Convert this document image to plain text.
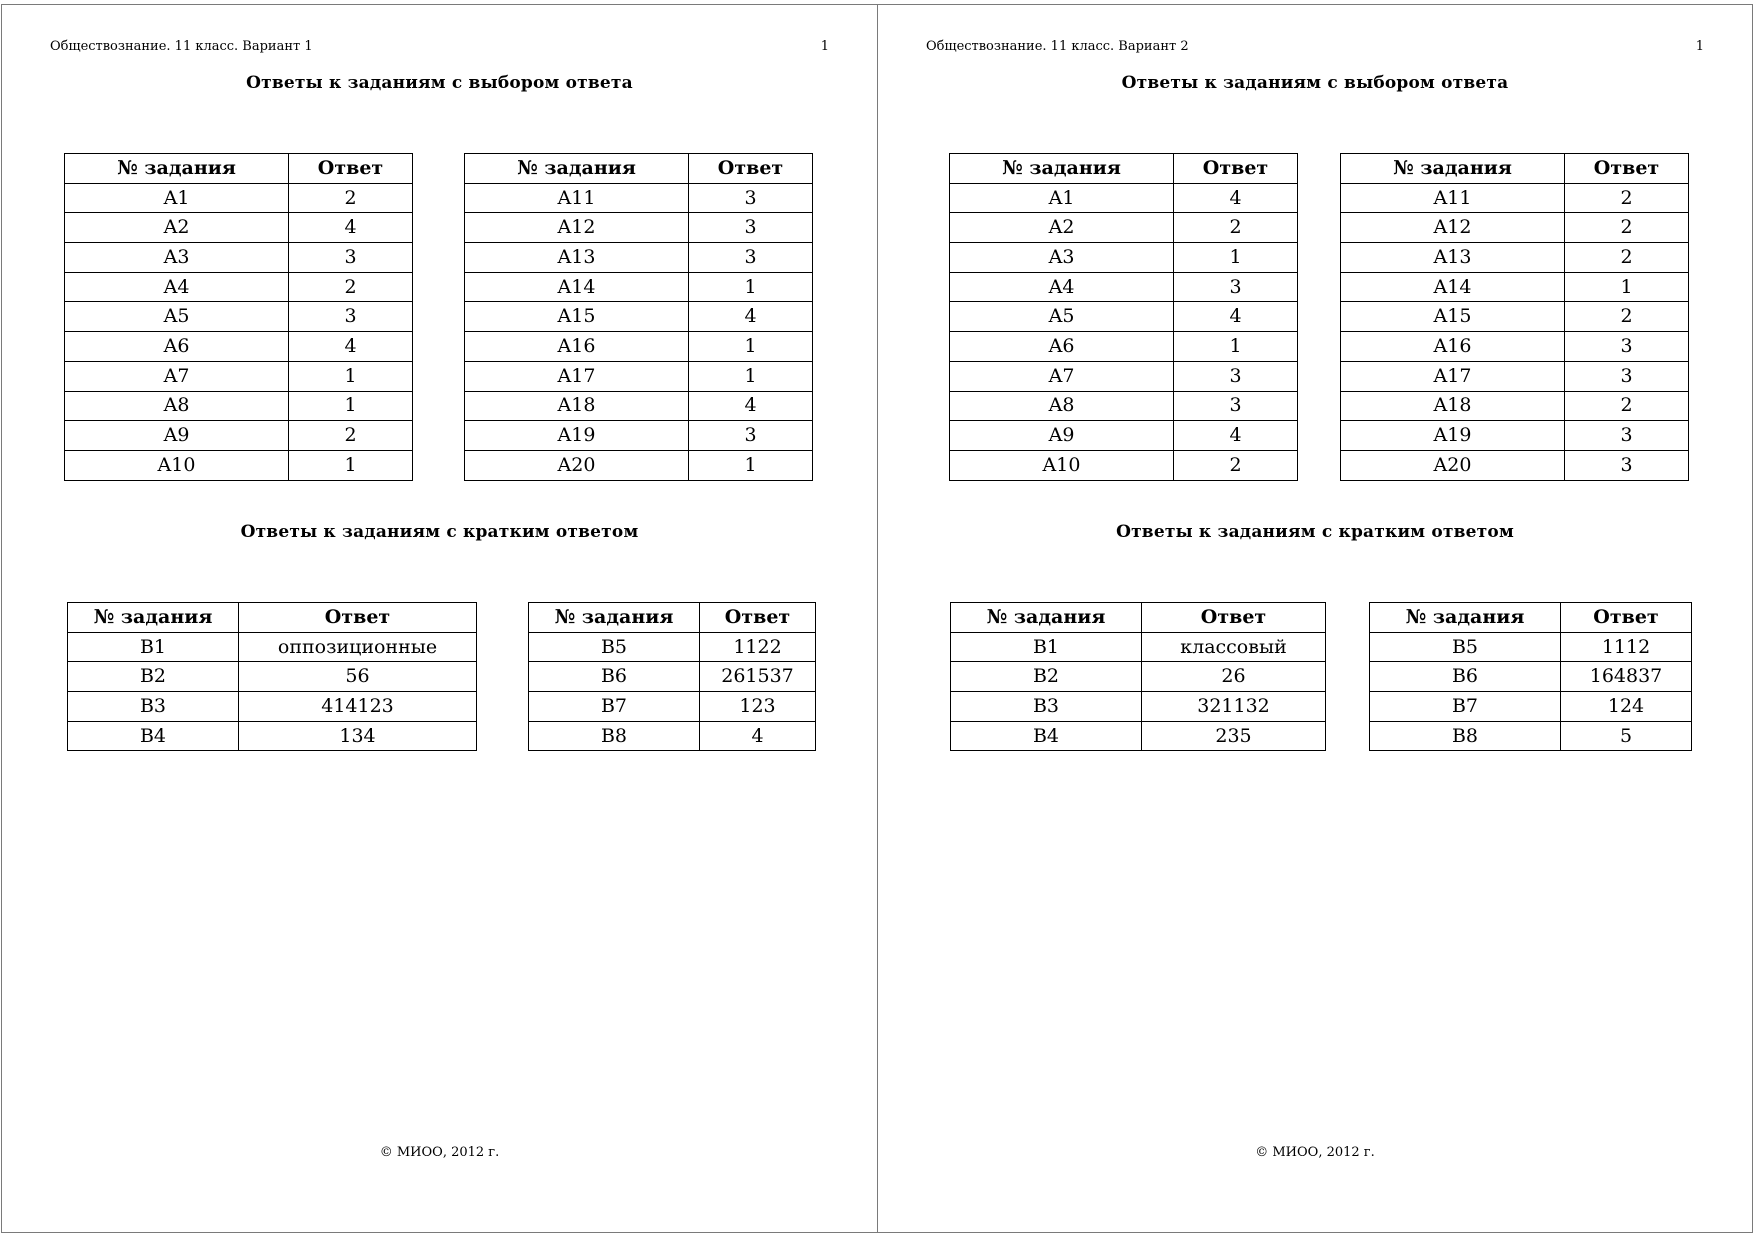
Обществознание. 11 класс. Вариант 1	1
Ответы к заданиям с выбором ответа
№ задания	Ответ
A1	2
A2	4
A3	3
A4	2
A5	3
A6	4
A7	1
A8	1
A9	2
A10	1
№ задания	Ответ
A11	3
A12	3
A13	3
A14	1
A15	4
A16	1
A17	1
A18	4
A19	3
A20	1
Ответы к заданиям с кратким ответом
№ задания	Ответ
B1	оппозиционные
B2	56
B3	414123
B4	134
№ задания	Ответ
B5	1122
B6	261537
B7	123
B8	4
© МИОО, 2012 г.
Обществознание. 11 класс. Вариант 2	1
Ответы к заданиям с выбором ответа
№ задания	Ответ
A1	4
A2	2
A3	1
A4	3
A5	4
A6	1
A7	3
A8	3
A9	4
A10	2
№ задания	Ответ
A11	2
A12	2
A13	2
A14	1
A15	2
A16	3
A17	3
A18	2
A19	3
A20	3
Ответы к заданиям с кратким ответом
№ задания	Ответ
B1	классовый
B2	26
B3	321132
B4	235
№ задания	Ответ
B5	1112
B6	164837
B7	124
B8	5
© МИОО, 2012 г.
